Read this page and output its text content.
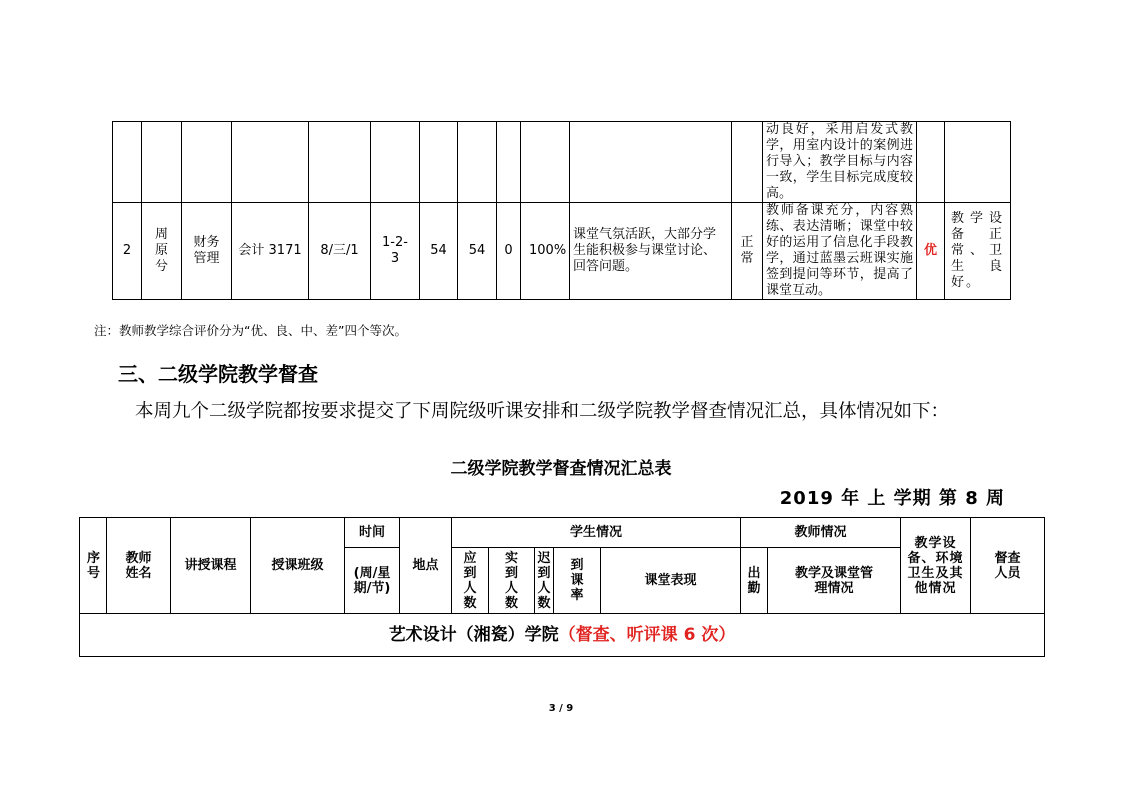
												动良好，采用启发式教学，用室内设计的案例进行导入；教学目标与内容一致，学生目标完成度较高。		
2	周原兮	财务管理	会计 3171	8/三/1	1-2-3	54	54	0	100%	课堂气氛活跃，大部分学生能积极参与课堂讨论、回答问题。	正常	教师备课充分，内容熟练、表达清晰；课堂中较好的运用了信息化手段教学，通过蓝墨云班课实施签到提问等环节，提高了课堂互动。	优	教学设备正常、卫生良好。
注：教师教学综合评价分为“优、良、中、差”四个等次。
三、二级学院教学督查
本周九个二级学院都按要求提交了下周院级听课安排和二级学院教学督查情况汇总，具体情况如下：
二级学院教学督查情况汇总表
2019 年 上 学期 第 8 周
序号	教师姓名	讲授课程	授课班级	时间	地点	学生情况					教师情况		教学设备、环境卫生及其他情况	督查人员
				(周/星期/节)		应到人数	实到人数	迟到人数	到课率	课堂表现	出勤	教学及课堂管理情况		
艺术设计（湘瓷）学院（督查、听评课 6 次）														
3 / 9
